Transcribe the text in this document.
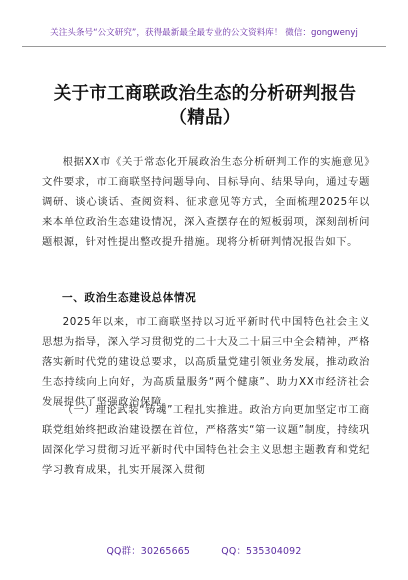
关注头条号“公文研究”，获得最新最全最专业的公文资料库！ 微信：gongwenyj
关于市工商联政治生态的分析研判报告（精品）

根据XX市《关于常态化开展政治生态分析研判工作的实施意见》文件要求，市工商联坚持问题导向、目标导向、结果导向，通过专题调研、谈心谈话、查阅资料、征求意见等方式，全面梳理2025年以来本单位政治生态建设情况，深入查摆存在的短板弱项，深刻剖析问题根源，针对性提出整改提升措施。现将分析研判情况报告如下。

一、政治生态建设总体情况

2025年以来，市工商联坚持以习近平新时代中国特色社会主义思想为指导，深入学习贯彻党的二十大及二十届三中全会精神，严格落实新时代党的建设总要求，以高质量党建引领业务发展，推动政治生态持续向上向好，为高质量服务“两个健康”、助力XX市经济社会发展提供了坚强政治保障。

（一）理论武装“铸魂”工程扎实推进。政治方向更加坚定市工商联党组始终把政治建设摆在首位，严格落实“第一议题”制度，持续巩固深化学习贯彻习近平新时代中国特色社会主义思想主题教育和党纪学习教育成果，扎实开展深入贯彻

QQ群：30265665	QQ：535304092
